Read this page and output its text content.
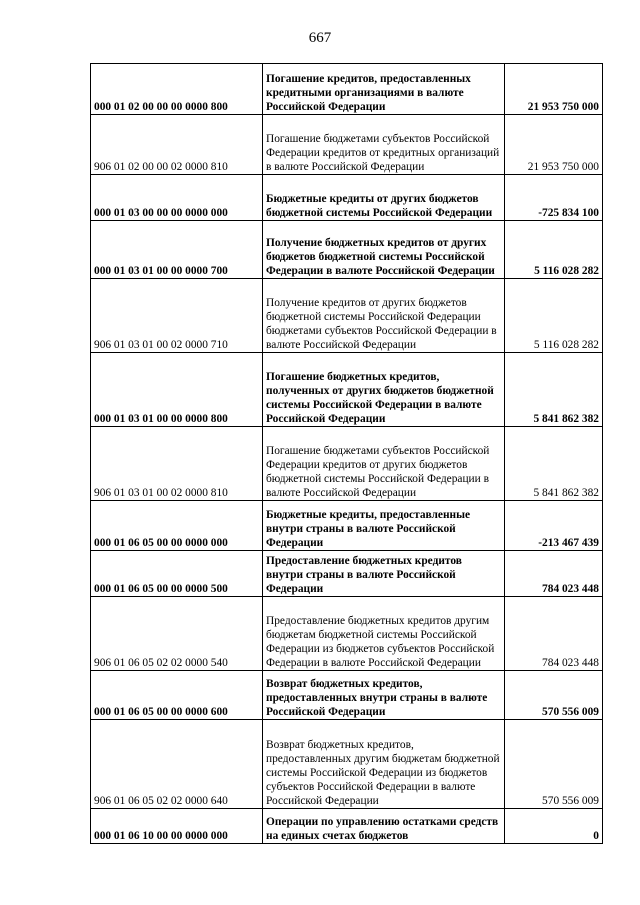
667
000 01 02 00 00 00 0000 800	Погашение кредитов, предоставленных кредитными организациями в валюте Российской Федерации	21 953 750 000
906 01 02 00 00 02 0000 810	Погашение бюджетами субъектов Российской Федерации кредитов от кредитных организаций в валюте Российской Федерации	21 953 750 000
000 01 03 00 00 00 0000 000	Бюджетные кредиты от других бюджетов бюджетной системы Российской Федерации	-725 834 100
000 01 03 01 00 00 0000 700	Получение бюджетных кредитов от других бюджетов бюджетной системы Российской Федерации в валюте Российской Федерации	5 116 028 282
906 01 03 01 00 02 0000 710	Получение кредитов от других бюджетов бюджетной системы Российской Федерации бюджетами субъектов Российской Федерации в валюте Российской Федерации	5 116 028 282
000 01 03 01 00 00 0000 800	Погашение бюджетных кредитов, полученных от других бюджетов бюджетной системы Российской Федерации в валюте Российской Федерации	5 841 862 382
906 01 03 01 00 02 0000 810	Погашение бюджетами субъектов Российской Федерации кредитов от других бюджетов бюджетной системы Российской Федерации в валюте Российской Федерации	5 841 862 382
000 01 06 05 00 00 0000 000	Бюджетные кредиты, предоставленные внутри страны в валюте Российской Федерации	-213 467 439
000 01 06 05 00 00 0000 500	Предоставление бюджетных кредитов внутри страны в валюте Российской Федерации	784 023 448
906 01 06 05 02 02 0000 540	Предоставление бюджетных кредитов другим бюджетам бюджетной системы Российской Федерации из бюджетов субъектов Российской Федерации в валюте Российской Федерации	784 023 448
000 01 06 05 00 00 0000 600	Возврат бюджетных кредитов, предоставленных внутри страны в валюте Российской Федерации	570 556 009
906 01 06 05 02 02 0000 640	Возврат бюджетных кредитов, предоставленных другим бюджетам бюджетной системы Российской Федерации из бюджетов субъектов Российской Федерации в валюте Российской Федерации	570 556 009
000 01 06 10 00 00 0000 000	Операции по управлению остатками средств на единых счетах бюджетов	0
